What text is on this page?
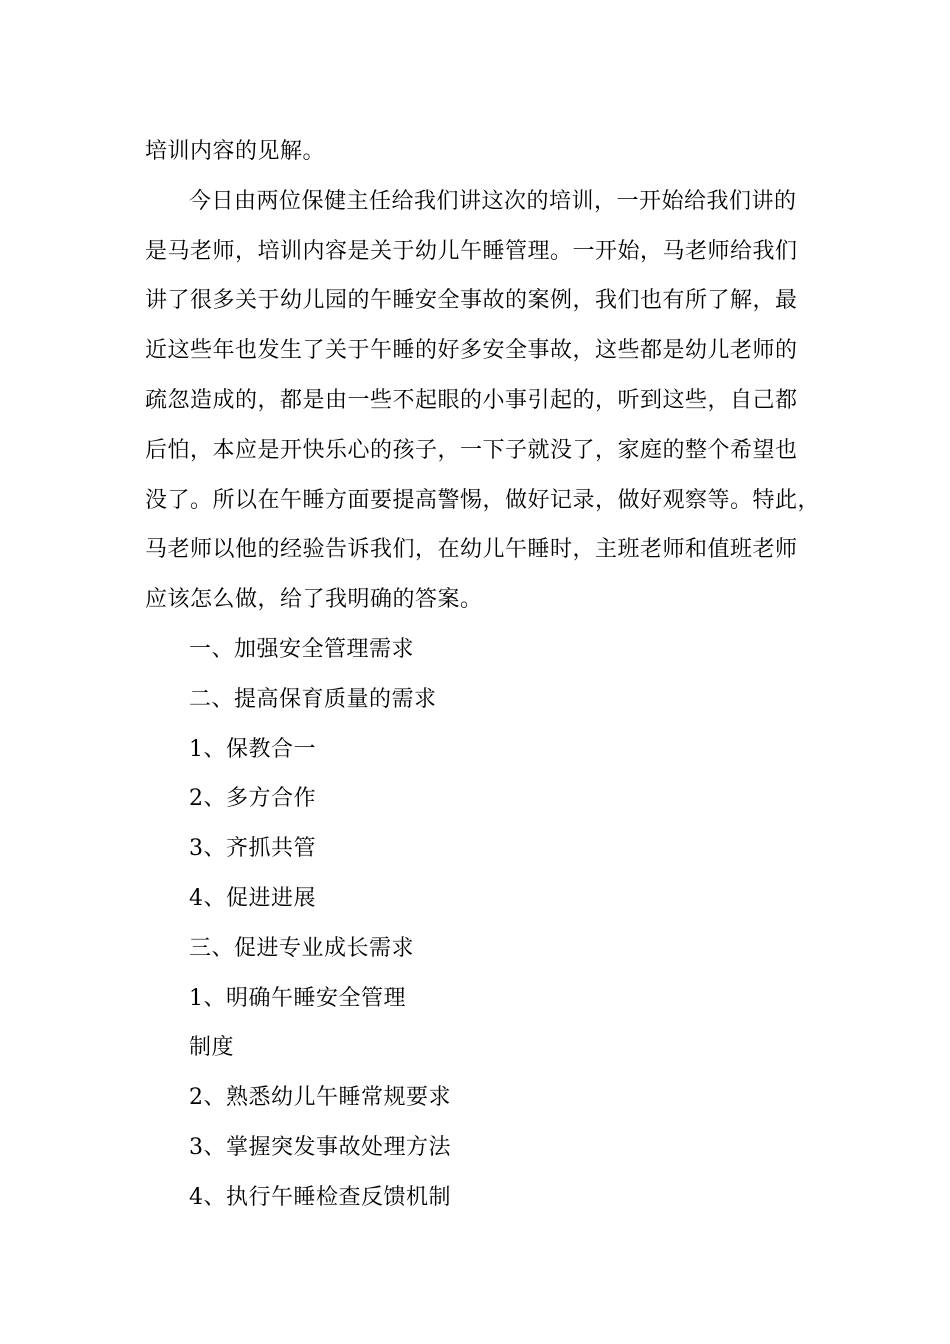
培训内容的见解。
今日由两位保健主任给我们讲这次的培训，一开始给我们讲的
是马老师，培训内容是关于幼儿午睡管理。一开始，马老师给我们
讲了很多关于幼儿园的午睡安全事故的案例，我们也有所了解，最
近这些年也发生了关于午睡的好多安全事故，这些都是幼儿老师的
疏忽造成的，都是由一些不起眼的小事引起的，听到这些，自己都
后怕，本应是开快乐心的孩子，一下子就没了，家庭的整个希望也
没了。所以在午睡方面要提高警惕，做好记录，做好观察等。特此，
马老师以他的经验告诉我们，在幼儿午睡时，主班老师和值班老师
应该怎么做，给了我明确的答案。
一、加强安全管理需求
二、提高保育质量的需求
1、保教合一
2、多方合作
3、齐抓共管
4、促进进展
三、促进专业成长需求
1、明确午睡安全管理
制度
2、熟悉幼儿午睡常规要求
3、掌握突发事故处理方法
4、执行午睡检查反馈机制
